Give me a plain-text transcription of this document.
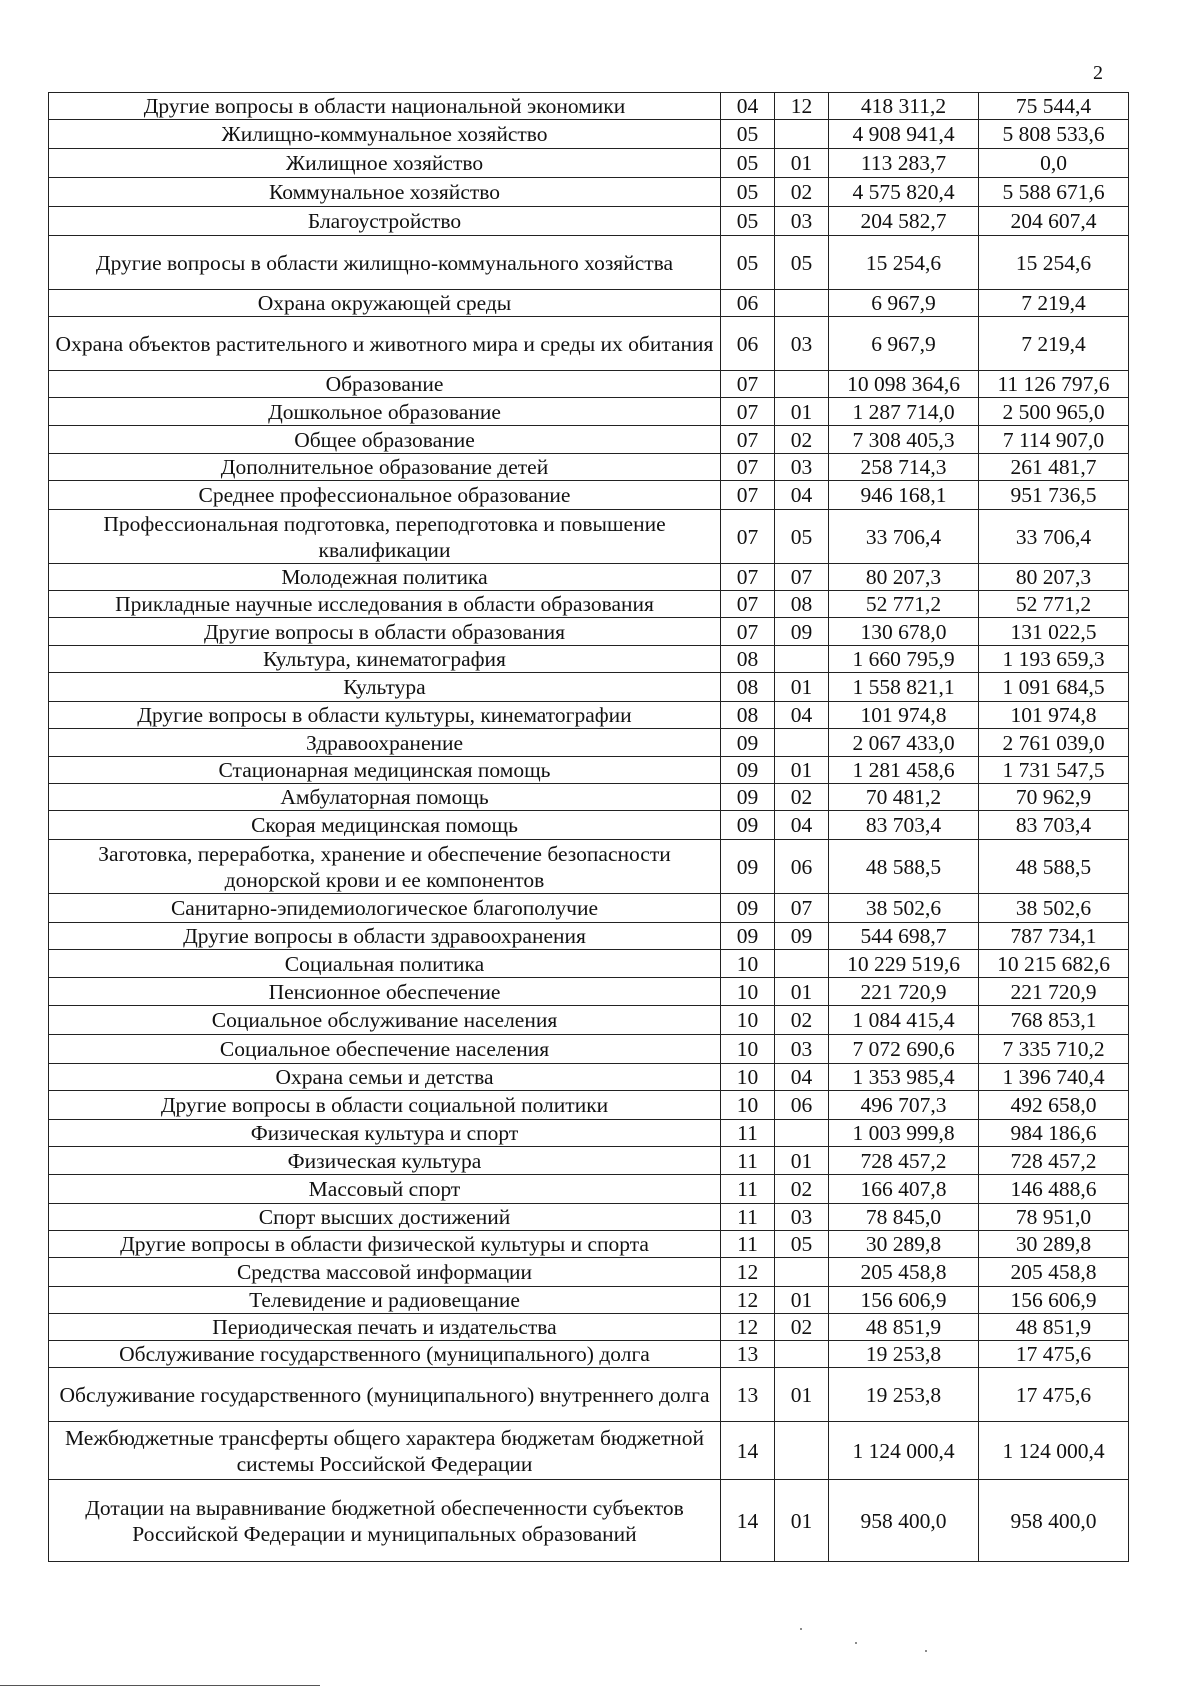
2
Другие вопросы в области национальной экономики	04	12	418 311,2	75 544,4
Жилищно-коммунальное хозяйство	05		4 908 941,4	5 808 533,6
Жилищное хозяйство	05	01	113 283,7	0,0
Коммунальное хозяйство	05	02	4 575 820,4	5 588 671,6
Благоустройство	05	03	204 582,7	204 607,4
Другие вопросы в области жилищно-коммунального хозяйства	05	05	15 254,6	15 254,6
Охрана окружающей среды	06		6 967,9	7 219,4
Охрана объектов растительного и животного мира и среды их обитания	06	03	6 967,9	7 219,4
Образование	07		10 098 364,6	11 126 797,6
Дошкольное образование	07	01	1 287 714,0	2 500 965,0
Общее образование	07	02	7 308 405,3	7 114 907,0
Дополнительное образование детей	07	03	258 714,3	261 481,7
Среднее профессиональное образование	07	04	946 168,1	951 736,5
Профессиональная подготовка, переподготовка и повышение квалификации	07	05	33 706,4	33 706,4
Молодежная политика	07	07	80 207,3	80 207,3
Прикладные научные исследования в области образования	07	08	52 771,2	52 771,2
Другие вопросы в области образования	07	09	130 678,0	131 022,5
Культура, кинематография	08		1 660 795,9	1 193 659,3
Культура	08	01	1 558 821,1	1 091 684,5
Другие вопросы в области культуры, кинематографии	08	04	101 974,8	101 974,8
Здравоохранение	09		2 067 433,0	2 761 039,0
Стационарная медицинская помощь	09	01	1 281 458,6	1 731 547,5
Амбулаторная помощь	09	02	70 481,2	70 962,9
Скорая медицинская помощь	09	04	83 703,4	83 703,4
Заготовка, переработка, хранение и обеспечение безопасности донорской крови и ее компонентов	09	06	48 588,5	48 588,5
Санитарно-эпидемиологическое благополучие	09	07	38 502,6	38 502,6
Другие вопросы в области здравоохранения	09	09	544 698,7	787 734,1
Социальная политика	10		10 229 519,6	10 215 682,6
Пенсионное обеспечение	10	01	221 720,9	221 720,9
Социальное обслуживание населения	10	02	1 084 415,4	768 853,1
Социальное обеспечение населения	10	03	7 072 690,6	7 335 710,2
Охрана семьи и детства	10	04	1 353 985,4	1 396 740,4
Другие вопросы в области социальной политики	10	06	496 707,3	492 658,0
Физическая культура и спорт	11		1 003 999,8	984 186,6
Физическая культура	11	01	728 457,2	728 457,2
Массовый спорт	11	02	166 407,8	146 488,6
Спорт высших достижений	11	03	78 845,0	78 951,0
Другие вопросы в области физической культуры и спорта	11	05	30 289,8	30 289,8
Средства массовой информации	12		205 458,8	205 458,8
Телевидение и радиовещание	12	01	156 606,9	156 606,9
Периодическая печать и издательства	12	02	48 851,9	48 851,9
Обслуживание государственного (муниципального) долга	13		19 253,8	17 475,6
Обслуживание государственного (муниципального) внутреннего долга	13	01	19 253,8	17 475,6
Межбюджетные трансферты общего характера бюджетам бюджетной системы Российской Федерации	14		1 124 000,4	1 124 000,4
Дотации на выравнивание бюджетной обеспеченности субъектов Российской Федерации и муниципальных образований	14	01	958 400,0	958 400,0
